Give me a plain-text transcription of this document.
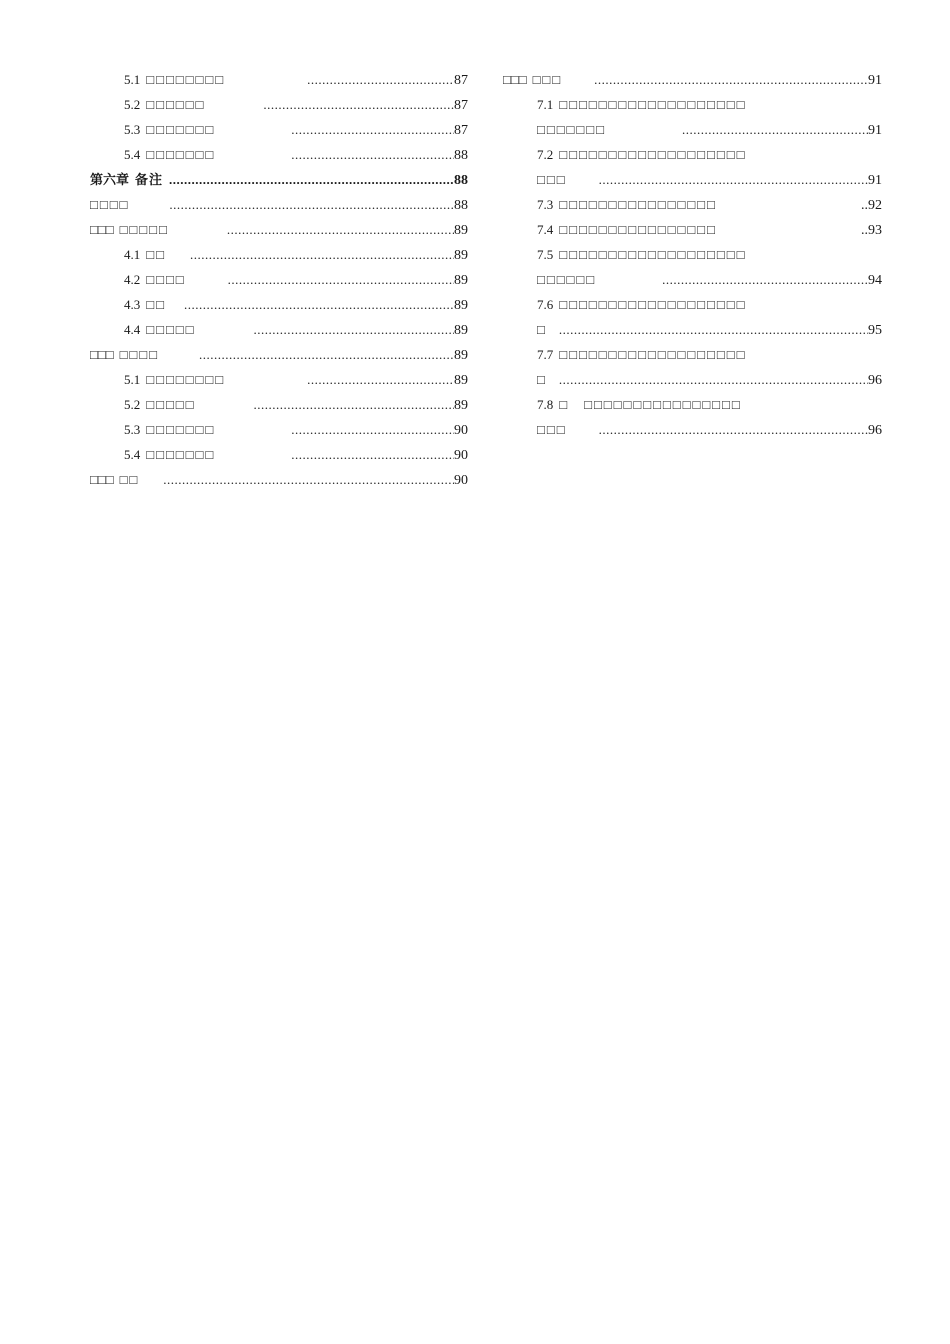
5.1 □□□□□□□□ .....	87
5.2 □□□□□□ .....	87
5.3 □□□□□□□ .....	87
5.4 □□□□□□□ .....	88
第六章 备注 .....	88
□□□□ .....	88
□□□ □□□□□ .....	89
4.1 □□ .....	89
4.2 □□□□ .....	89
4.3 □□ .....	89
4.4 □□□□□ .....	89
□□□ □□□□ .....	89
5.1 □□□□□□□□ .....	89
5.2 □□□□□ .....	89
5.3 □□□□□□□ .....	90
5.4 □□□□□□□ .....	90
□□□ □□ .....	90
□□□ □□□ .....	91
7.1 □□□□□□□□□□□□□□□□□□□
□□□□□□□ .....	91
7.2 □□□□□□□□□□□□□□□□□□□
□□□ .....	91
7.3 □□□□□□□□□□□□□□□□	..92
7.4 □□□□□□□□□□□□□□□□	..93
7.5 □□□□□□□□□□□□□□□□□□□
□□□□□□ .....	94
7.6 □□□□□□□□□□□□□□□□□□□
□ .....	95
7.7 □□□□□□□□□□□□□□□□□□□
□ .....	96
7.8 □　□□□□□□□□□□□□□□□□
□□□ .....	96
